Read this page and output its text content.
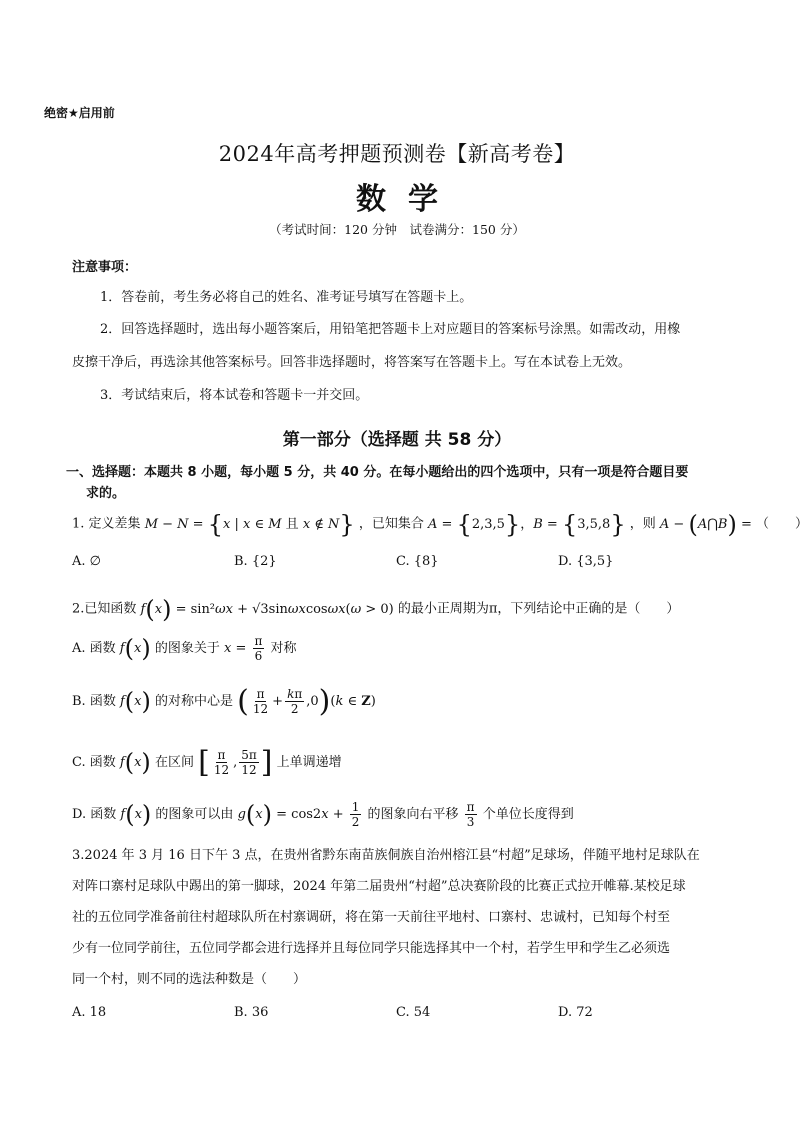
绝密★启用前
2024年高考押题预测卷【新高考卷】
数学
（考试时间：120 分钟　试卷满分：150 分）
注意事项：
1．答卷前，考生务必将自己的姓名、准考证号填写在答题卡上。
2．回答选择题时，选出每小题答案后，用铅笔把答题卡上对应题目的答案标号涂黑。如需改动，用橡
皮擦干净后，再选涂其他答案标号。回答非选择题时，将答案写在答题卡上。写在本试卷上无效。
3．考试结束后，将本试卷和答题卡一并交回。
第一部分（选择题 共 58 分）
一、选择题：本题共 8 小题，每小题 5 分，共 40 分。在每小题给出的四个选项中，只有一项是符合题目要
求的。
1. 定义差集 M − N = {x | x ∈ M 且 x ∉ N} ，已知集合 A = {2,3,5}，B = {3,5,8} ，则 A − (A⋂B) = （　　）
A. ∅	B. {2}	C. {8}	D. {3,5}
2.已知函数 f(x) = sin²ωx + √3sinωxcosωx(ω > 0) 的最小正周期为π，下列结论中正确的是（　　）
A. 函数 f(x) 的图象关于 $x = \frac{\pi}{6}$ 对称
B. 函数 f(x) 的对称中心是 ( $\frac{\pi}{12} + \frac{k\pi}{2} ,0)(k$ ∈ Z)
C. 函数 f(x) 在区间 [ $\frac{\pi}{12}$ , $\frac{5\pi}{12}$ ] 上单调递增
D. 函数 f(x) 的图象可以由 $g(x) = \cos 2x + \frac{1}{2}$ 的图象向右平移 $\frac{\pi}{3}$ 个单位长度得到
3.2024 年 3 月 16 日下午 3 点，在贵州省黔东南苗族侗族自治州榕江县“村超”足球场，伴随平地村足球队在
对阵口寨村足球队中踢出的第一脚球，2024 年第二届贵州“村超”总决赛阶段的比赛正式拉开帷幕.某校足球
社的五位同学准备前往村超球队所在村寨调研，将在第一天前往平地村、口寨村、忠诚村，已知每个村至
少有一位同学前往，五位同学都会进行选择并且每位同学只能选择其中一个村，若学生甲和学生乙必须选
同一个村，则不同的选法种数是（　　）
A. 18	B. 36	C. 54	D. 72
